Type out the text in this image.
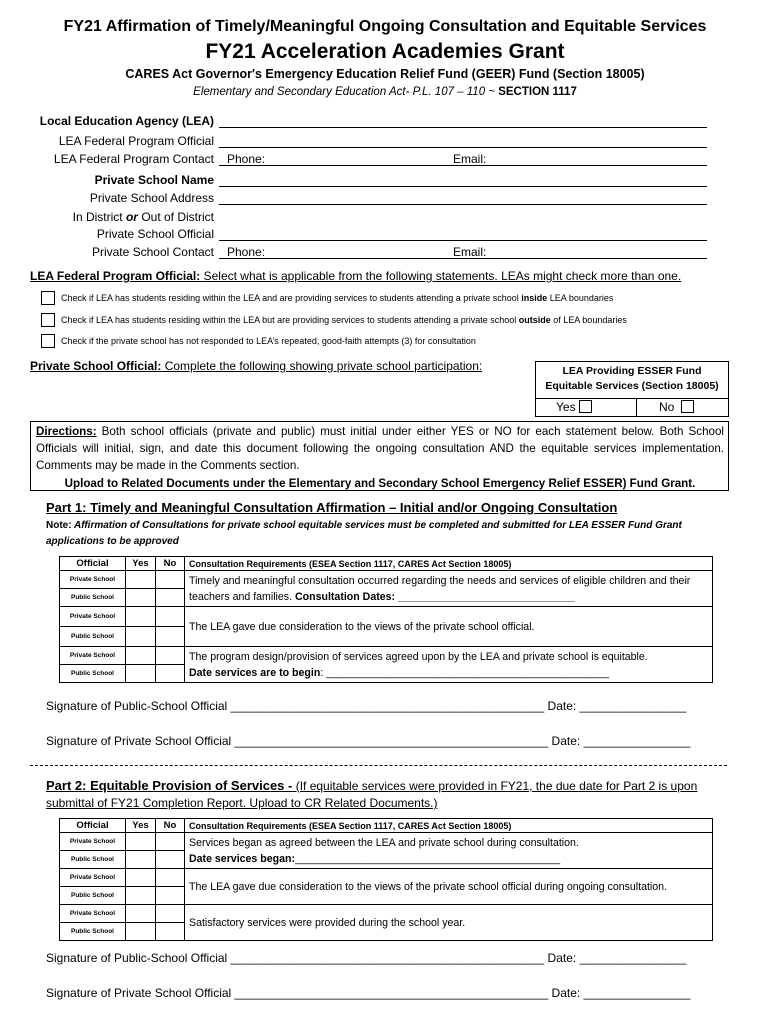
FY21 Affirmation of Timely/Meaningful Ongoing Consultation and Equitable Services
FY21 Acceleration Academies Grant
CARES Act Governor's Emergency Education Relief Fund (GEER) Fund (Section 18005)
Elementary and Secondary Education Act- P.L. 107 – 110 ~ SECTION 1117
Local Education Agency (LEA)
LEA Federal Program Official
LEA Federal Program Contact Phone:	Email:
Private School Name
Private School Address
In District or Out of District
Private School Official
Private School Contact Phone:	Email:
LEA Federal Program Official: Select what is applicable from the following statements. LEAs might check more than one.
Check if LEA has students residing within the LEA and are providing services to students attending a private school inside LEA boundaries
Check if LEA has students residing within the LEA but are providing services to students attending a private school outside of LEA boundaries
Check if the private school has not responded to LEA’s repeated, good-faith attempts (3) for consultation
Private School Official: Complete the following showing private school participation:	LEA Providing ESSER Fund
Equitable Services (Section 18005)
Yes	No

Directions: Both school officials (private and public) must initial under either YES or NO for each statement below. Both School Officials will initial, sign, and date this document following the ongoing consultation AND the equitable services implementation. Comments may be made in the Comments section.

Upload to Related Documents under the Elementary and Secondary School Emergency Relief ESSER) Fund Grant.

Part 1: Timely and Meaningful Consultation Affirmation – Initial and/or Ongoing Consultation
Note: Affirmation of Consultations for private school equitable services must be completed and submitted for LEA ESSER Fund Grant applications to be approved
Official	Yes	No	Consultation Requirements (ESEA Section 1117, CARES Act Section 18005)
Private School			Timely and meaningful consultation occurred regarding the needs and services of eligible children and their teachers and families. Consultation Dates: ______________________________
Public School			
Private School			The LEA gave due consideration to the views of the private school official.
Public School			
Private School			The program design/provision of services agreed upon by the LEA and private school is equitable.
Date services are to begin: ________________________________________________
Public School			
Signature of Public-School Official _______________________________________________ Date: ________________
Signature of Private School Official _______________________________________________ Date: ________________
Part 2: Equitable Provision of Services - (If equitable services were provided in FY21, the due date for Part 2 is upon submittal of FY21 Completion Report. Upload to CR Related Documents.)
Official	Yes	No	Consultation Requirements (ESEA Section 1117, CARES Act Section 18005)
Private School			Services began as agreed between the LEA and private school during consultation.
Date services began:_____________________________________________
Public School			
Private School			The LEA gave due consideration to the views of the private school official during ongoing consultation.
Public School			
Private School			Satisfactory services were provided during the school year.
Public School			
Signature of Public-School Official _______________________________________________ Date: ________________
Signature of Private School Official _______________________________________________ Date: ________________
